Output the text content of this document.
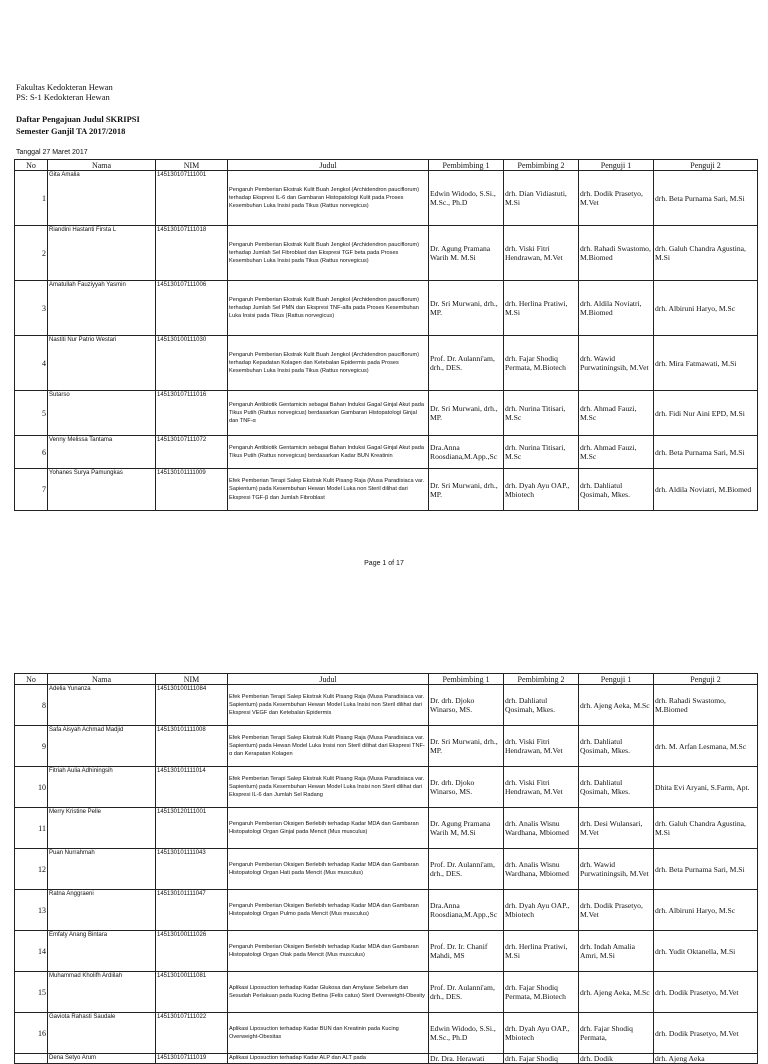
Fakultas Kedokteran Hewan
PS: S-1 Kedokteran Hewan
Daftar Pengajuan Judul SKRIPSI
Semester Ganjil TA 2017/2018
Tanggal 27 Maret 2017
No	Nama	NIM	Judul	Pembimbing 1	Pembimbing 2	Penguji 1	Penguji 2
1	Gita Amalia	145130107111001	Pengaruh Pemberian Ekstrak Kulit Buah Jengkol (Archidendron pauciflorum) terhadap Ekspresi IL-6 dan Gambaran Histopatologi Kulit pada Proses Kesembuhan Luka Insisi pada Tikus (Rattus norvegicus)	Edwin Widodo, S.Si., M.Sc., Ph.D	drh. Dian Vidiastuti, M.Si	drh. Dodik Prasetyo, M.Vet	drh. Beta Purnama Sari, M.Si
2	Riandini Hastanti Firsta L	145130107111018	Pengaruh Pemberian Ekstrak Kulit Buah Jengkol (Archidendron pauciflorum) terhadap Jumlah Sel Fibroblast dan Ekspresi TGF beta pada Proses Kesembuhan Luka Insisi pada Tikus (Rattus norvegicus)	Dr. Agung Pramana Warih M. M.Si	drh. Viski Fitri Hendrawan, M.Vet	drh. Rahadi Swastomo, M.Biomed	drh. Galuh Chandra Agustina, M.Si
3	Amatullah Fauziyyah Yasmin	145130107111006	Pengaruh Pemberian Ekstrak Kulit Buah Jengkol (Archidendron pauciflorum) terhadap Jumlah Sel PMN dan Ekspresi TNF-alfa pada Proses Kesembuhan Luka Insisi pada Tikus (Rattus norvegicus)	Dr. Sri Murwani, drh., MP.	drh. Herlina Pratiwi, M.Si	drh. Aldila Noviatri, M.Biomed	drh. Albiruni Haryo, M.Sc
4	Nastiti Nur Patrio Westari	145130100111030	Pengaruh Pemberian Ekstrak Kulit Buah Jengkol (Archidendron pauciflorum) terhadap Kepadatan Kolagen dan Ketebalan Epidermis pada Proses Kesembuhan Luka Insisi pada Tikus (Rattus norvegicus)	Prof. Dr. Aulanni'am, drh., DES.	drh. Fajar Shodiq Permata, M.Biotech	drh. Wawid Purwatiningsih, M.Vet	drh. Mira Fatmawati, M.Si
5	Sutarso	145130107111016	Pengaruh Antibiotik Gentamicin sebagai Bahan Induksi Gagal Ginjal Akut pada Tikus Putih (Rattus norvegicus) berdasarkan Gambaran Histopatologi Ginjal dan TNF-α	Dr. Sri Murwani, drh., MP.	drh. Nurina Titisari, M.Sc	drh. Ahmad Fauzi, M.Sc	drh. Fidi Nur Aini EPD, M.Si
6	Venny Melissa Tantama	145130107111072	Pengaruh Antibiotik Gentamicin sebagai Bahan Induksi Gagal Ginjal Akut pada Tikus Putih (Rattus norvegicus) berdasarkan Kadar BUN Kreatinin	Dra.Anna Roosdiana,M.App.,Sc	drh. Nurina Titisari, M.Sc	drh. Ahmad Fauzi, M.Sc	drh. Beta Purnama Sari, M.Si
7	Yohanes Surya Pamungkas	145130101111009	Efek Pemberian Terapi Salep Ekstrak Kulit Pisang Raja (Musa Paradisiaca var. Sapientum) pada Kesembuhan Hewan Model Luka non Steril dilihat dari Ekspresi TGF-β dan Jumlah Fibroblast	Dr. Sri Murwani, drh., MP.	drh. Dyah Ayu OAP., Mbiotech	drh. Dahliatul Qosimah, Mkes.	drh. Aldila Noviatri, M.Biomed
Page 1 of 17
No	Nama	NIM	Judul	Pembimbing 1	Pembimbing 2	Penguji 1	Penguji 2
8	Adelia Yunanza	145130100111084	Efek Pemberian Terapi Salep Ekstrak Kulit Pisang Raja (Musa Paradisiaca var. Sapientum) pada Kesembuhan Hewan Model Luka Insisi non Steril dilihat dari Ekspresi VEGF dan Ketebalan Epidermis	Dr. drh. Djoko Winarso, MS.	drh. Dahliatul Qosimah, Mkes.	drh. Ajeng Aeka, M.Sc	drh. Rahadi Swastomo, M.Biomed
9	Safa Aisyah Achmad Madjid	145130101111008	Efek Pemberian Terapi Salep Ekstrak Kulit Pisang Raja (Musa Paradisiaca var. Sapientum) pada Hewan Model Luka Insisi non Steril dilihat dari Ekspresi TNF-α dan Kerapatan Kolagen	Dr. Sri Murwani, drh., MP.	drh. Viski Fitri Hendrawan, M.Vet	drh. Dahliatul Qosimah, Mkes.	drh. M. Arfan Lesmana, M.Sc
10	Fitriah Aulia Adhiningsih	145130101111014	Efek Pemberian Terapi Salep Ekstrak Kulit Pisang Raja (Musa Paradisiaca var. Sapientum) pada Kesembuhan Hewan Model Luka Insisi non Steril dilihat dari Ekspresi IL-6 dan Jumlah Sel Radang	Dr. drh. Djoko Winarso, MS.	drh. Viski Fitri Hendrawan, M.Vet	drh. Dahliatul Qosimah, Mkes.	Dhita Evi Aryani, S.Farm, Apt.
11	Merry Kristine Pelle	145130120111001	Pengaruh Pemberian Oksigen Berlebih terhadap Kadar MDA dan Gambaran Histopatologi Organ Ginjal pada Mencit (Mus musculus)	Dr. Agung Pramana Warih M, M.Si	drh. Analis Wisnu Wardhana, Mbiomed	drh. Desi Wulansari, M.Vet	drh. Galuh Chandra Agustina, M.Si
12	Puan Nurrahmah	145130101111043	Pengaruh Pemberian Oksigen Berlebih terhadap Kadar MDA dan Gambaran Histopatologi Organ Hati pada Mencit (Mus musculus)	Prof. Dr. Aulanni'am, drh., DES.	drh. Analis Wisnu Wardhana, Mbiomed	drh. Wawid Purwatiningsih, M.Vet	drh. Beta Purnama Sari, M.Si
13	Ratna Anggraeni	145130101111047	Pengaruh Pemberian Oksigen Berlebih terhadap Kadar MDA dan Gambaran Histopatologi Organ Pulmo pada Mencit (Mus musculus)	Dra.Anna Roosdiana,M.App.,Sc	drh. Dyah Ayu OAP., Mbiotech	drh. Dodik Prasetyo, M.Vet	drh. Albiruni Haryo, M.Sc
14	Emfaty Anang Bintara	145130100111026	Pengaruh Pemberian Oksigen Berlebih terhadap Kadar MDA dan Gambaran Histopatologi Organ Otak pada Mencit (Mus musculus)	Prof. Dr. Ir. Chanif Mahdi, MS	drh. Herlina Pratiwi, M.Si	drh. Indah Amalia Amri, M.Si	drh. Yudit Oktanella, M.Si
15	Muhammad Kholifh Ardiilah	145130100111081	Aplikasi Liposuction terhadap Kadar Glukosa dan Amylase Sebelum dan Sesudah Perlakuan pada Kucing Betina (Felis catus) Steril Overweight-Obesity	Prof. Dr. Aulanni'am, drh., DES.	drh. Fajar Shodiq Permata, M.Biotech	drh. Ajeng Aeka, M.Sc	drh. Dodik Prasetyo, M.Vet
16	Gaviota Rahasti Saudale	145130107111022	Aplikasi Liposuction terhadap Kadar BUN dan Kreatinin pada Kucing Overweight-Obesitas	Edwin Widodo, S.Si., M.Sc., Ph.D	drh. Dyah Ayu OAP., Mbiotech	drh. Fajar Shodiq Permata,	drh. Dodik Prasetyo, M.Vet
	Dena Setyo Arum	145130107111019	Aplikasi Liposuction terhadap Kadar ALP dan ALT pada	Dr. Dra. Herawati	drh. Fajar Shodiq	drh. Dodik	drh. Ajeng Aeka
